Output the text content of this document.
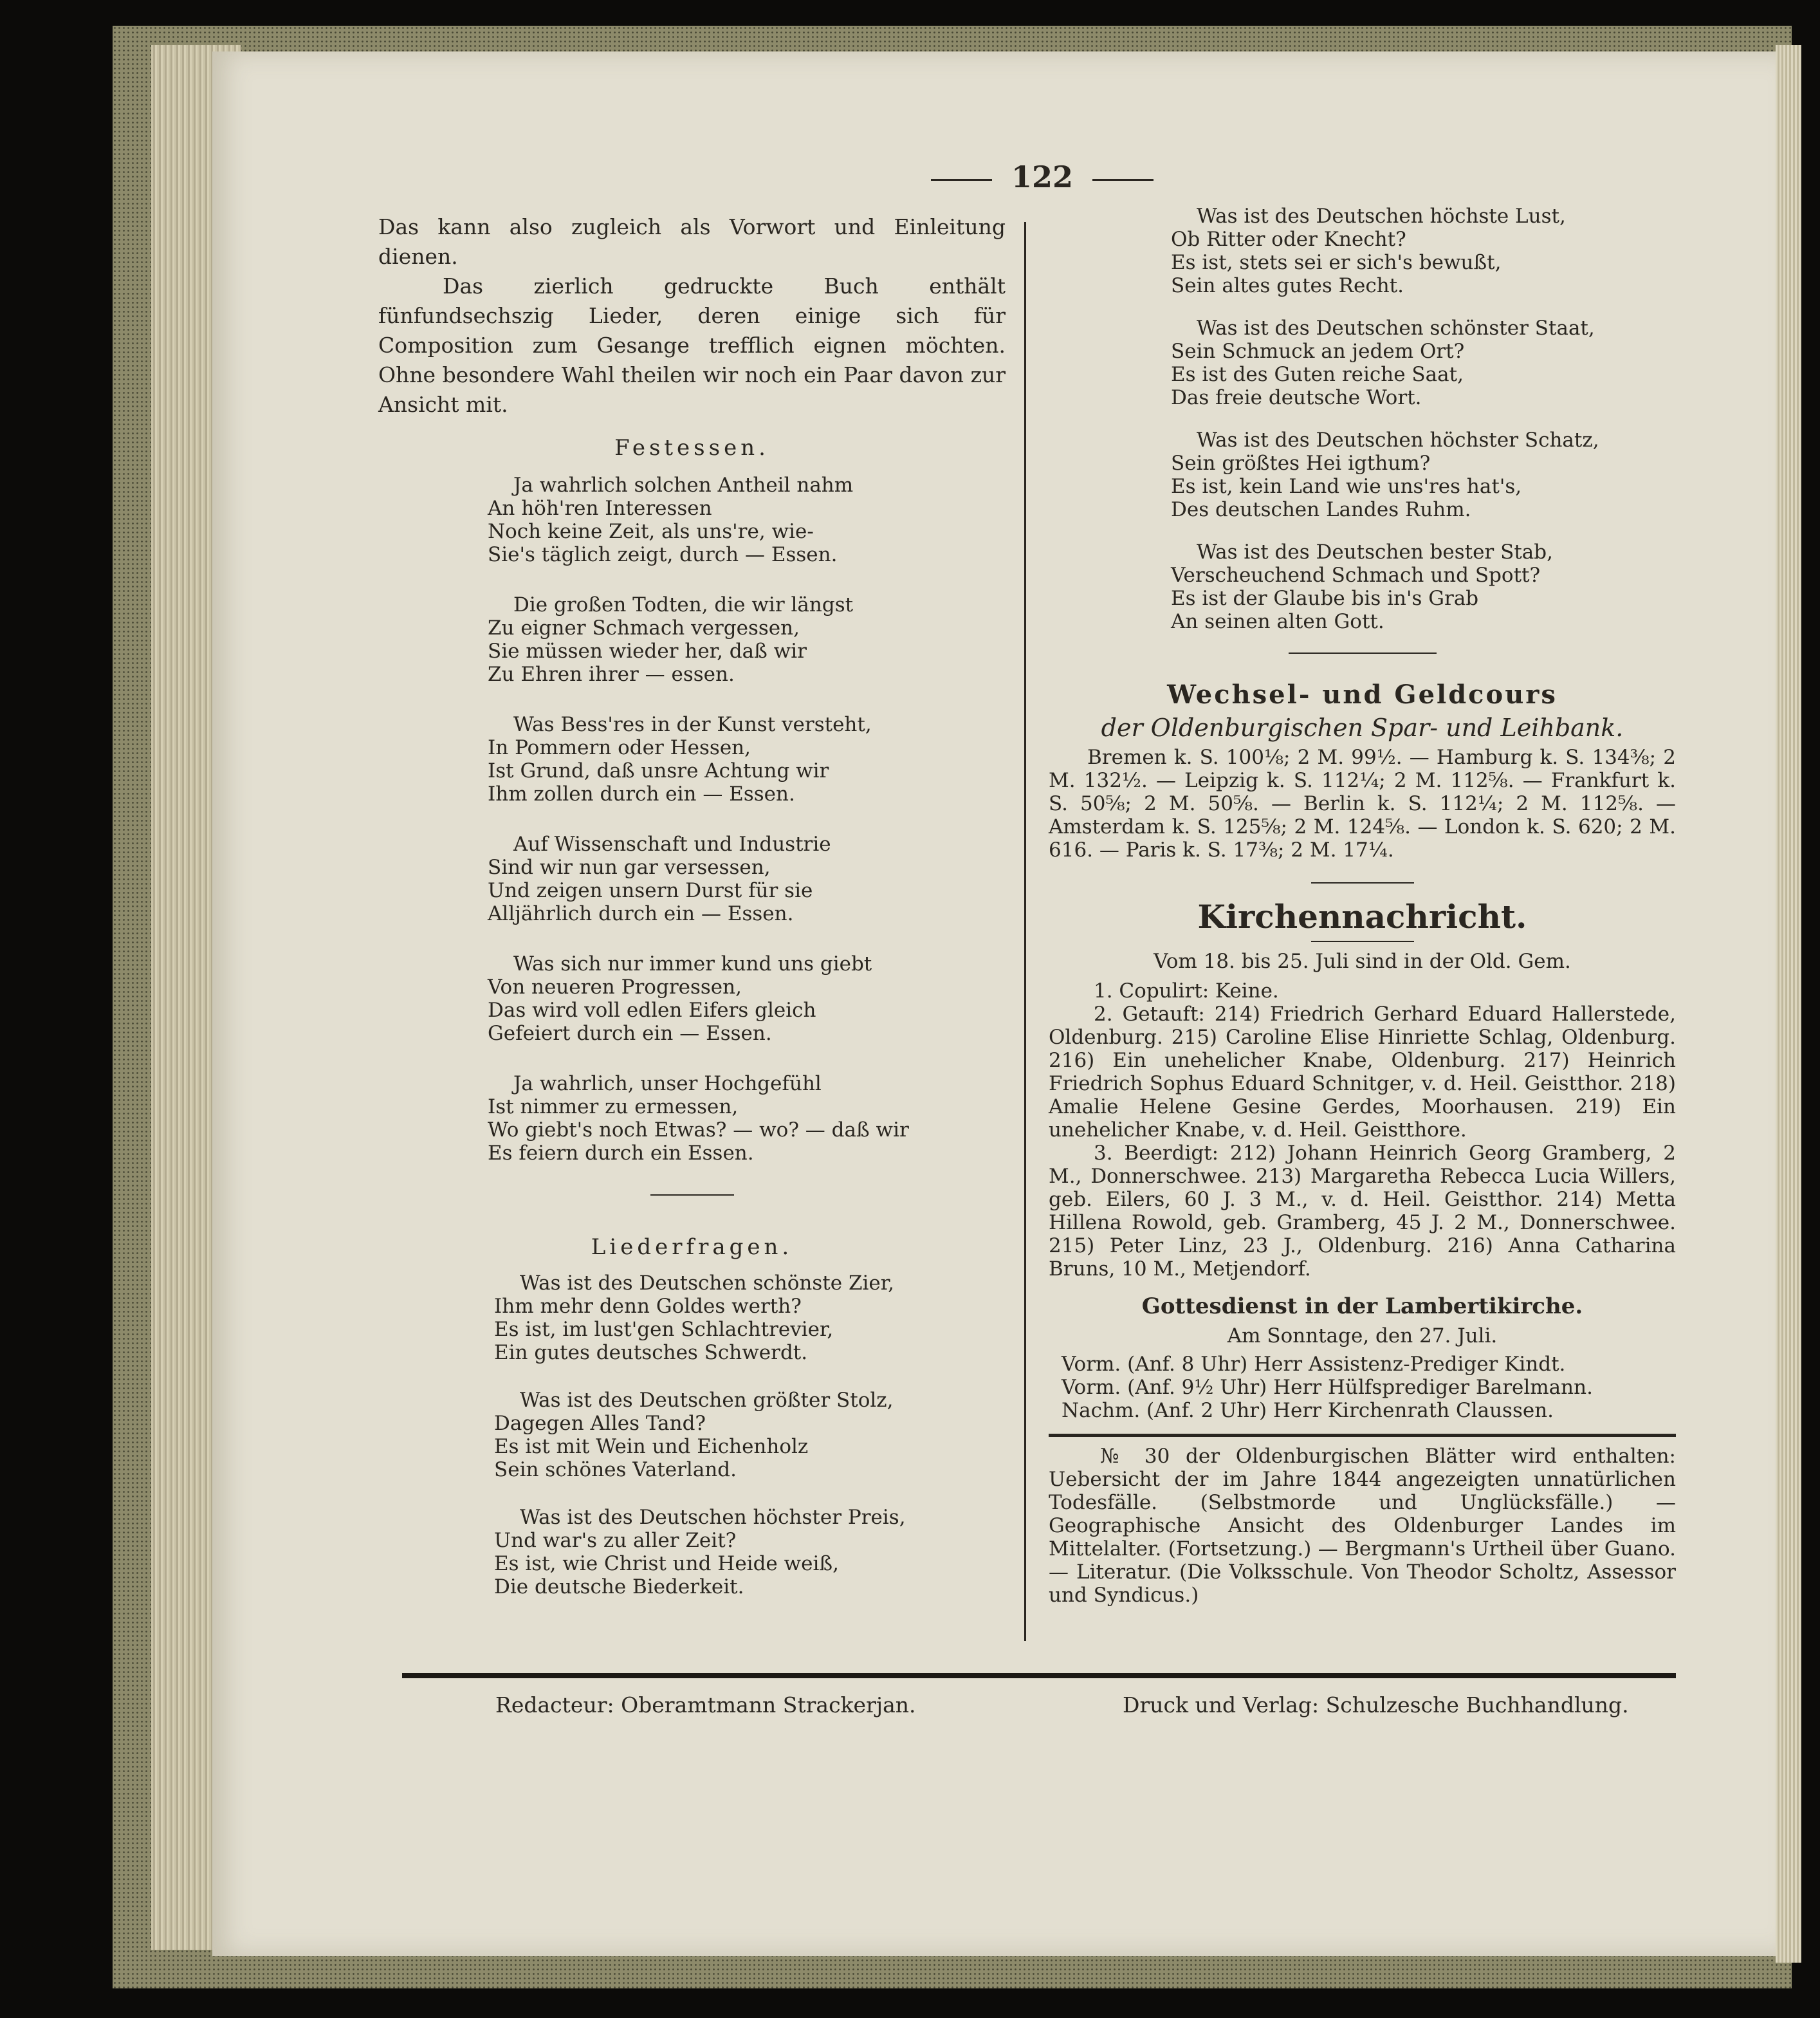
122

Das kann also zugleich als Vorwort und Einleitung dienen.

Das zierlich gedruckte Buch enthält fünfundsechszig Lieder, deren einige sich für Composition zum Gesange trefflich eignen möchten. Ohne besondere Wahl theilen wir noch ein Paar davon zur Ansicht mit.

Festessen.

Ja wahrlich solchen Antheil nahm
An höh'ren Interessen
Noch keine Zeit, als uns're, wie-
Sie's täglich zeigt, durch — Essen.
Die großen Todten, die wir längst
Zu eigner Schmach vergessen,
Sie müssen wieder her, daß wir
Zu Ehren ihrer — essen.
Was Bess'res in der Kunst versteht,
In Pommern oder Hessen,
Ist Grund, daß unsre Achtung wir
Ihm zollen durch ein — Essen.
Auf Wissenschaft und Industrie
Sind wir nun gar versessen,
Und zeigen unsern Durst für sie
Alljährlich durch ein — Essen.
Was sich nur immer kund uns giebt
Von neueren Progressen,
Das wird voll edlen Eifers gleich
Gefeiert durch ein — Essen.
Ja wahrlich, unser Hochgefühl
Ist nimmer zu ermessen,
Wo giebt's noch Etwas? — wo? — daß wir
Es feiern durch ein Essen.

Liederfragen.

Was ist des Deutschen schönste Zier,
Ihm mehr denn Goldes werth?
Es ist, im lust'gen Schlachtrevier,
Ein gutes deutsches Schwerdt.
Was ist des Deutschen größter Stolz,
Dagegen Alles Tand?
Es ist mit Wein und Eichenholz
Sein schönes Vaterland.
Was ist des Deutschen höchster Preis,
Und war's zu aller Zeit?
Es ist, wie Christ und Heide weiß,
Die deutsche Biederkeit.
Was ist des Deutschen höchste Lust,
Ob Ritter oder Knecht?
Es ist, stets sei er sich's bewußt,
Sein altes gutes Recht.
Was ist des Deutschen schönster Staat,
Sein Schmuck an jedem Ort?
Es ist des Guten reiche Saat,
Das freie deutsche Wort.
Was ist des Deutschen höchster Schatz,
Sein größtes Hei igthum?
Es ist, kein Land wie uns'res hat's,
Des deutschen Landes Ruhm.
Was ist des Deutschen bester Stab,
Verscheuchend Schmach und Spott?
Es ist der Glaube bis in's Grab
An seinen alten Gott.

Wechsel- und Geldcours

der Oldenburgischen Spar- und Leihbank.

Bremen k. S. 100⅛; 2 M. 99½. — Hamburg k. S. 134⅜; 2 M. 132½. — Leipzig k. S. 112¼; 2 M. 112⅝. — Frankfurt k. S. 50⅝; 2 M. 50⅝. — Berlin k. S. 112¼; 2 M. 112⅝. — Amsterdam k. S. 125⅝; 2 M. 124⅝. — London k. S. 620; 2 M. 616. — Paris k. S. 17⅜; 2 M. 17¼.

Kirchennachricht.

Vom 18. bis 25. Juli sind in der Old. Gem.

1. Copulirt: Keine.

2. Getauft: 214) Friedrich Gerhard Eduard Hallerstede, Oldenburg. 215) Caroline Elise Hinriette Schlag, Oldenburg. 216) Ein unehelicher Knabe, Oldenburg. 217) Heinrich Friedrich Sophus Eduard Schnitger, v. d. Heil. Geistthor. 218) Amalie Helene Gesine Gerdes, Moorhausen. 219) Ein unehelicher Knabe, v. d. Heil. Geistthore.

3. Beerdigt: 212) Johann Heinrich Georg Gramberg, 2 M., Donnerschwee. 213) Margaretha Rebecca Lucia Willers, geb. Eilers, 60 J. 3 M., v. d. Heil. Geistthor. 214) Metta Hillena Rowold, geb. Gramberg, 45 J. 2 M., Donnerschwee. 215) Peter Linz, 23 J., Oldenburg. 216) Anna Catharina Bruns, 10 M., Metjendorf.

Gottesdienst in der Lambertikirche.

Am Sonntage, den 27. Juli.

Vorm. (Anf. 8 Uhr) Herr Assistenz-Prediger Kindt.
Vorm. (Anf. 9½ Uhr) Herr Hülfsprediger Barelmann.
Nachm. (Anf. 2 Uhr) Herr Kirchenrath Claussen.

№ 30 der Oldenburgischen Blätter wird enthalten: Uebersicht der im Jahre 1844 angezeigten unnatürlichen Todesfälle. (Selbstmorde und Unglücksfälle.) — Geographische Ansicht des Oldenburger Landes im Mittelalter. (Fortsetzung.) — Bergmann's Urtheil über Guano. — Literatur. (Die Volksschule. Von Theodor Scholtz, Assessor und Syndicus.)

Redacteur: Oberamtmann Strackerjan.	Druck und Verlag: Schulzesche Buchhandlung.
